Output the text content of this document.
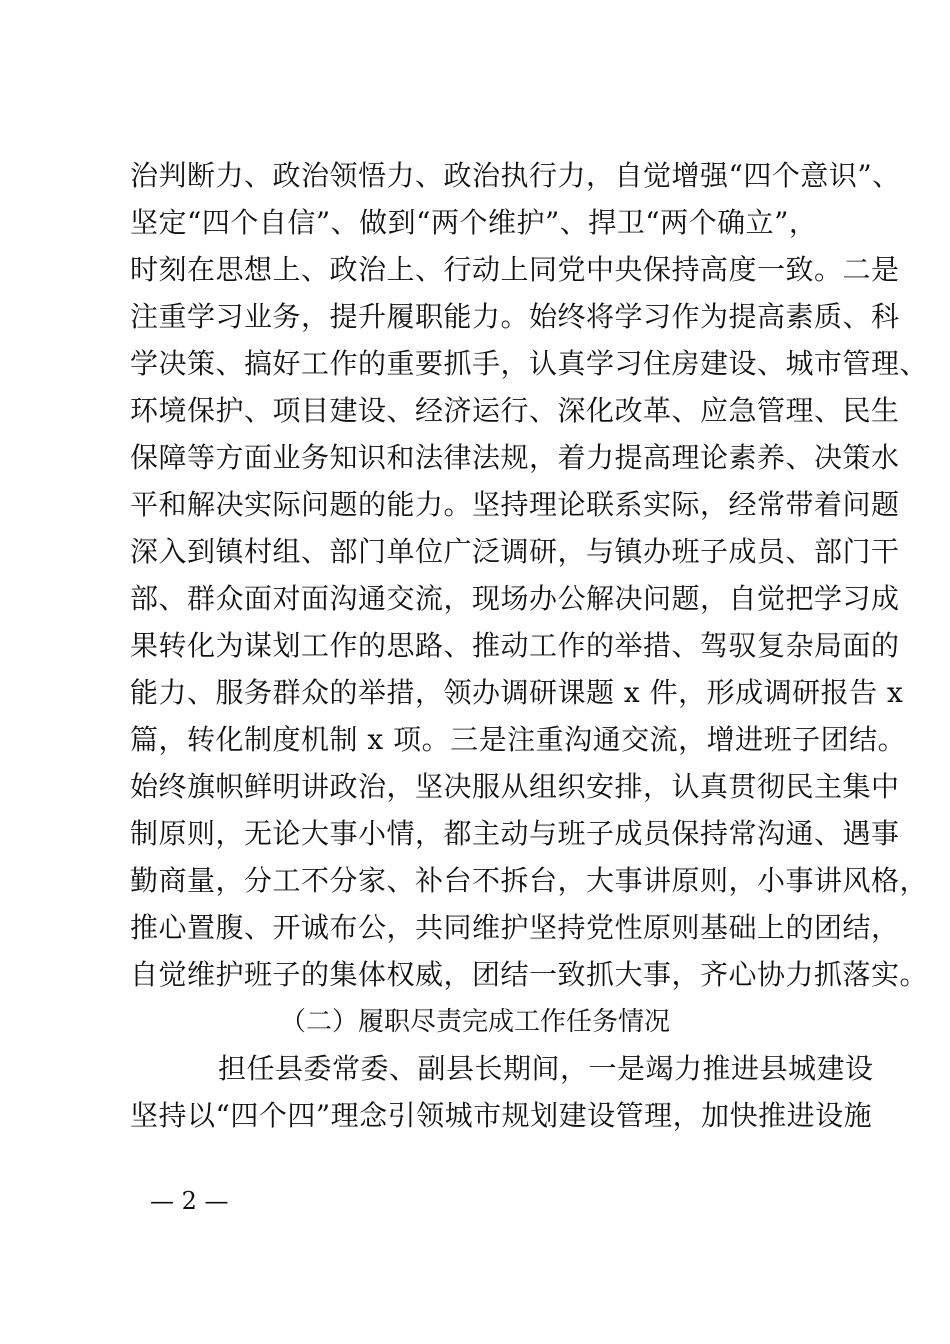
治判断力、政治领悟力、政治执行力，自觉增强“四个意识”、
坚定“四个自信”、做到“两个维护”、捍卫“两个确立”，
时刻在思想上、政治上、行动上同党中央保持高度一致。二是
注重学习业务，提升履职能力。始终将学习作为提高素质、科
学决策、搞好工作的重要抓手，认真学习住房建设、城市管理、
环境保护、项目建设、经济运行、深化改革、应急管理、民生
保障等方面业务知识和法律法规，着力提高理论素养、决策水
平和解决实际问题的能力。坚持理论联系实际，经常带着问题
深入到镇村组、部门单位广泛调研，与镇办班子成员、部门干
部、群众面对面沟通交流，现场办公解决问题，自觉把学习成
果转化为谋划工作的思路、推动工作的举措、驾驭复杂局面的
能力、服务群众的举措，领办调研课题 x 件，形成调研报告 x
篇，转化制度机制 x 项。三是注重沟通交流，增进班子团结。
始终旗帜鲜明讲政治，坚决服从组织安排，认真贯彻民主集中
制原则，无论大事小情，都主动与班子成员保持常沟通、遇事
勤商量，分工不分家、补台不拆台，大事讲原则，小事讲风格，
推心置腹、开诚布公，共同维护坚持党性原则基础上的团结，
自觉维护班子的集体权威，团结一致抓大事，齐心协力抓落实。
（二）履职尽责完成工作任务情况
担任县委常委、副县长期间，一是竭力推进县城建设
坚持以“四个四”理念引领城市规划建设管理，加快推进设施
— 2 —
